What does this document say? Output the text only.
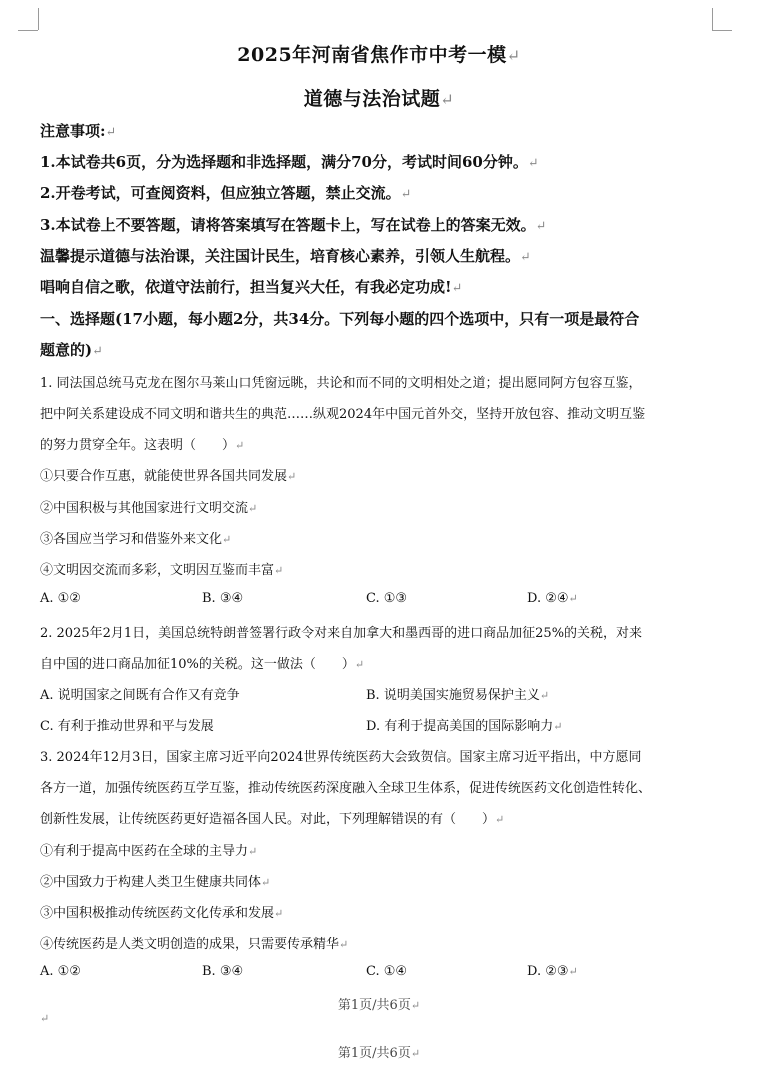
2025年河南省焦作市中考一模↵
道德与法治试题↵
注意事项:↵
1.本试卷共6页，分为选择题和非选择题，满分70分，考试时间60分钟。↵
2.开卷考试，可查阅资料，但应独立答题，禁止交流。↵
3.本试卷上不要答题，请将答案填写在答题卡上，写在试卷上的答案无效。↵
温馨提示道德与法治课，关注国计民生，培育核心素养，引领人生航程。↵
唱响自信之歌，依道守法前行，担当复兴大任，有我必定功成!↵
一、选择题(17小题，每小题2分，共34分。下列每小题的四个选项中，只有一项是最符合
题意的)↵
1. 同法国总统马克龙在图尔马莱山口凭窗远眺，共论和而不同的文明相处之道；提出愿同阿方包容互鉴，
把中阿关系建设成不同文明和谐共生的典范……纵观2024年中国元首外交，坚持开放包容、推动文明互鉴
的努力贯穿全年。这表明（　　）↵
①只要合作互惠，就能使世界各国共同发展↵
②中国积极与其他国家进行文明交流↵
③各国应当学习和借鉴外来文化↵
④文明因交流而多彩，文明因互鉴而丰富↵
A. ①②	B. ③④	C. ①③	D. ②④↵
2. 2025年2月1日，美国总统特朗普签署行政令对来自加拿大和墨西哥的进口商品加征25%的关税，对来
自中国的进口商品加征10%的关税。这一做法（　　）↵
A. 说明国家之间既有合作又有竞争	B. 说明美国实施贸易保护主义↵
C. 有利于推动世界和平与发展	D. 有利于提高美国的国际影响力↵
3. 2024年12月3日，国家主席习近平向2024世界传统医药大会致贺信。国家主席习近平指出，中方愿同
各方一道，加强传统医药互学互鉴，推动传统医药深度融入全球卫生体系，促进传统医药文化创造性转化、
创新性发展，让传统医药更好造福各国人民。对此，下列理解错误的有（　　）↵
①有利于提高中医药在全球的主导力↵
②中国致力于构建人类卫生健康共同体↵
③中国积极推动传统医药文化传承和发展↵
④传统医药是人类文明创造的成果，只需要传承精华↵
A. ①②	B. ③④	C. ①④	D. ②③↵
第1页/共6页↵
↵
第1页/共6页↵
